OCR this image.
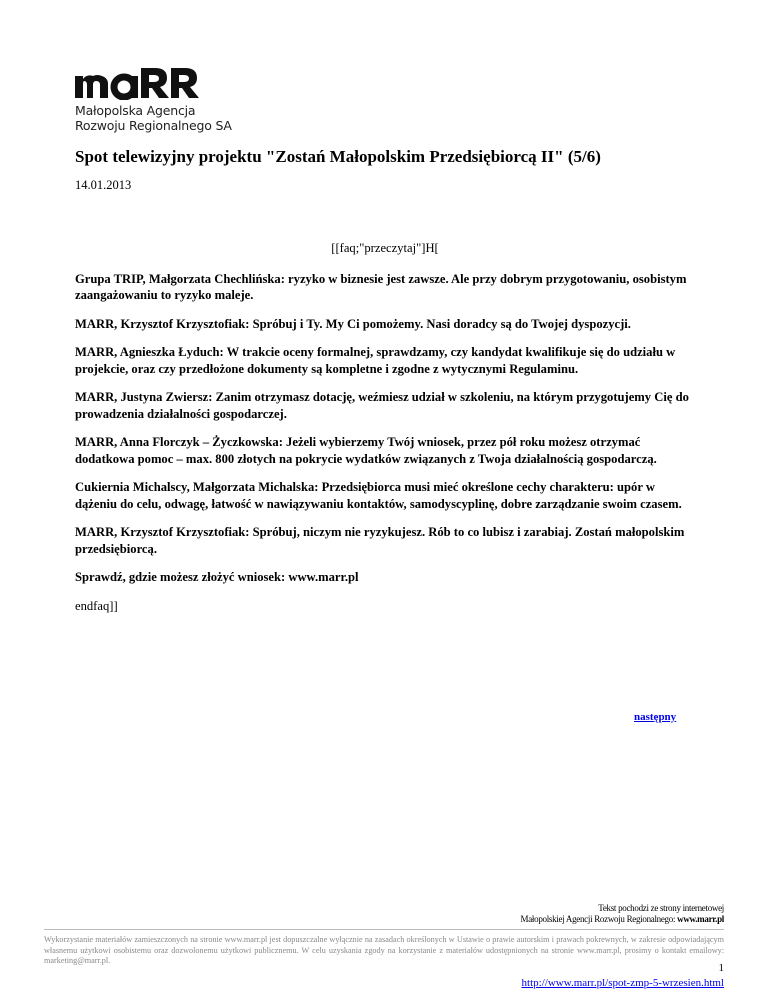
Małopolska Agencja
Rozwoju Regionalnego SA
Spot telewizyjny projektu "Zostań Małopolskim Przedsiębiorcą II" (5/6)
14.01.2013

[[faq;"przeczytaj"]H[

Grupa TRIP, Małgorzata Chechlińska: ryzyko w biznesie jest zawsze. Ale przy dobrym przygotowaniu, osobistym zaangażowaniu to ryzyko maleje.

MARR, Krzysztof Krzysztofiak: Spróbuj i Ty. My Ci pomożemy. Nasi doradcy są do Twojej dyspozycji.

MARR, Agnieszka Łyduch: W trakcie oceny formalnej, sprawdzamy, czy kandydat kwalifikuje się do udziału w projekcie, oraz czy przedłożone dokumenty są kompletne i zgodne z wytycznymi Regulaminu.

MARR, Justyna Zwiersz: Zanim otrzymasz dotację, weźmiesz udział w szkoleniu, na którym przygotujemy Cię do prowadzenia działalności gospodarczej.

MARR, Anna Florczyk – Życzkowska: Jeżeli wybierzemy Twój wniosek, przez pół roku możesz otrzymać dodatkowa pomoc – max. 800 złotych na pokrycie wydatków związanych z Twoja działalnością gospodarczą.

Cukiernia Michalscy, Małgorzata Michalska: Przedsiębiorca musi mieć określone cechy charakteru: upór w dążeniu do celu, odwagę, łatwość w nawiązywaniu kontaktów, samodyscyplinę, dobre zarządzanie swoim czasem.

MARR, Krzysztof Krzysztofiak: Spróbuj, niczym nie ryzykujesz. Rób to co lubisz i zarabiaj. Zostań małopolskim przedsiębiorcą.

Sprawdź, gdzie możesz złożyć wniosek: www.marr.pl

endfaq]]

następny
Tekst pochodzi ze strony internetowej
Małopolskiej Agencji Rozwoju Regionalnego: www.marr.pl
Wykorzystanie materiałów zamieszczonych na stronie www.marr.pl jest dopuszczalne wyłącznie na zasadach określonych w Ustawie o prawie autorskim i prawach pokrewnych, w zakresie odpowiadającym własnemu użytkowi osobistemu oraz dozwolonemu użytkowi publicznemu. W celu uzyskania zgody na korzystanie z materiałów udostępnionych na stronie www.marr.pl, prosimy o kontakt emailowy: marketing@marr.pl.
1
http://www.marr.pl/spot-zmp-5-wrzesien.html
